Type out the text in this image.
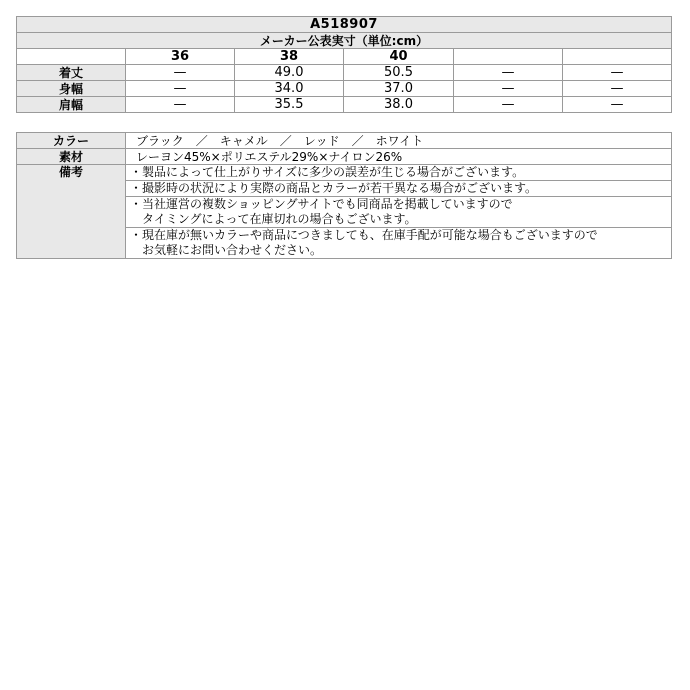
A518907					
メーカー公表実寸（単位:cm）					
	36	38	40		
着丈	—	49.0	50.5	—	—
身幅	—	34.0	37.0	—	—
肩幅	—	35.5	38.0	—	—
カラー	ブラック　／　キャメル　／　レッド　／　ホワイト
素材	レーヨン45%×ポリエステル29%×ナイロン26%
備考	・製品によって仕上がりサイズに多少の誤差が生じる場合がございます。

	・撮影時の状況により実際の商品とカラーが若干異なる場合がございます。

	・当社運営の複数ショッピングサイトでも同商品を掲載していますので
　タイミングによって在庫切れの場合もございます。

	・現在庫が無いカラーや商品につきましても、在庫手配が可能な場合もございますので
　お気軽にお問い合わせください。
